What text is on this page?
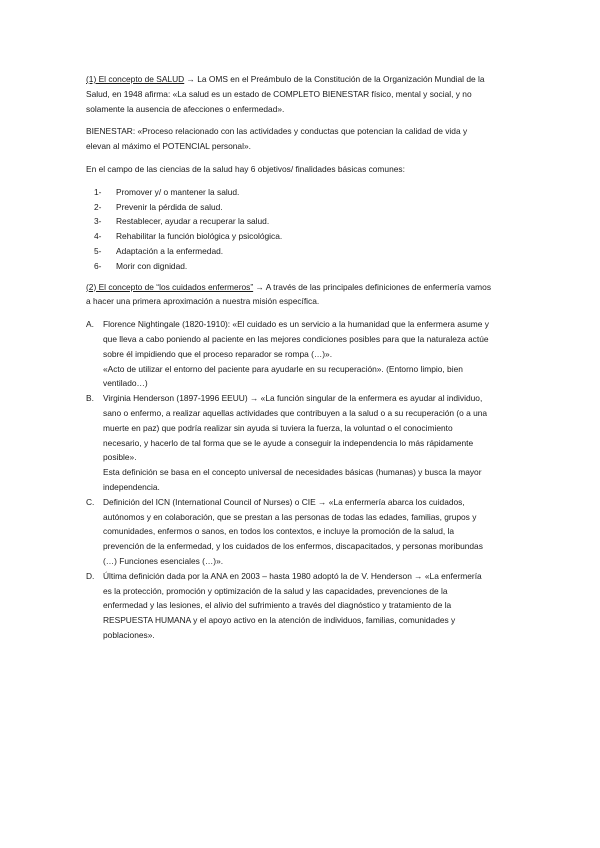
(1) El concepto de SALUD → La OMS en el Preámbulo de la Constitución de la Organización Mundial de la Salud, en 1948 afirma: «La salud es un estado de COMPLETO BIENESTAR físico, mental y social, y no solamente la ausencia de afecciones o enfermedad».

BIENESTAR: «Proceso relacionado con las actividades y conductas que potencian la calidad de vida y elevan al máximo el POTENCIAL personal».

En el campo de las ciencias de la salud hay 6 objetivos/ finalidades básicas comunes:

1-	Promover y/ o mantener la salud.
2-	Prevenir la pérdida de salud.
3-	Restablecer, ayudar a recuperar la salud.
4-	Rehabilitar la función biológica y psicológica.
5-	Adaptación a la enfermedad.
6-	Morir con dignidad.

(2) El concepto de “los cuidados enfermeros” → A través de las principales definiciones de enfermería vamos a hacer una primera aproximación a nuestra misión específica.

A.	Florence Nightingale (1820-1910): «El cuidado es un servicio a la humanidad que la enfermera asume y que lleva a cabo poniendo al paciente en las mejores condiciones posibles para que la naturaleza actúe sobre él impidiendo que el proceso reparador se rompa (…)».
«Acto de utilizar el entorno del paciente para ayudarle en su recuperación». (Entorno limpio, bien ventilado…)
B.	Virginia Henderson (1897-1996 EEUU) → «La función singular de la enfermera es ayudar al individuo, sano o enfermo, a realizar aquellas actividades que contribuyen a la salud o a su recuperación (o a una muerte en paz) que podría realizar sin ayuda si tuviera la fuerza, la voluntad o el conocimiento necesario, y hacerlo de tal forma que se le ayude a conseguir la independencia lo más rápidamente posible».
Esta definición se basa en el concepto universal de necesidades básicas (humanas) y busca la mayor independencia.
C.	Definición del ICN (International Council of Nurses) o CIE → «La enfermería abarca los cuidados, autónomos y en colaboración, que se prestan a las personas de todas las edades, familias, grupos y comunidades, enfermos o sanos, en todos los contextos, e incluye la promoción de la salud, la prevención de la enfermedad, y los cuidados de los enfermos, discapacitados, y personas moribundas (…) Funciones esenciales (…)».
D.	Última definición dada por la ANA en 2003 – hasta 1980 adoptó la de V. Henderson → «La enfermería es la protección, promoción y optimización de la salud y las capacidades, prevenciones de la enfermedad y las lesiones, el alivio del sufrimiento a través del diagnóstico y tratamiento de la RESPUESTA HUMANA y el apoyo activo en la atención de individuos, familias, comunidades y poblaciones».
